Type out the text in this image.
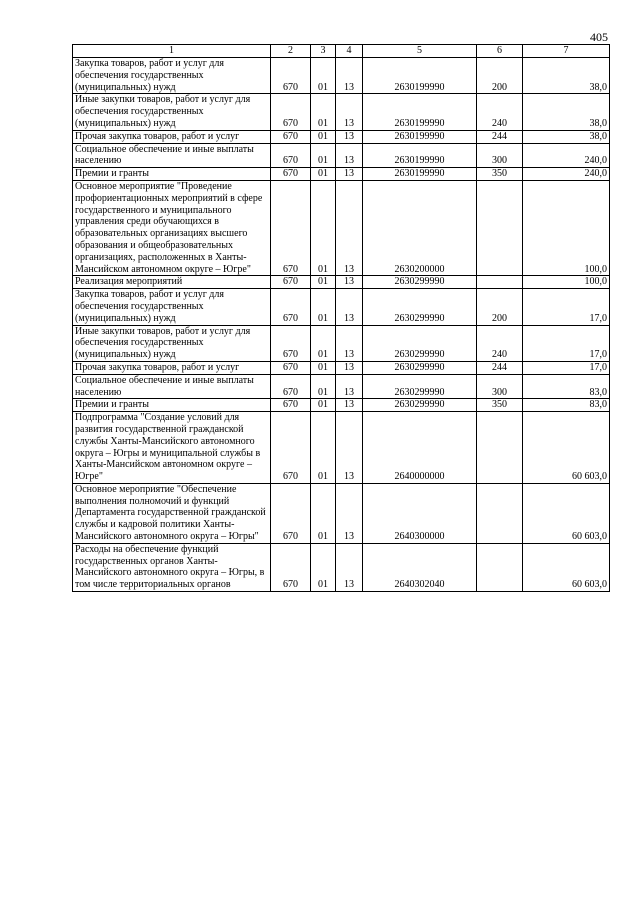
405
1	2	3	4	5	6	7
Закупка товаров, работ и услуг для обеспечения государственных (муниципальных) нужд	670	01	13	2630199990	200	38,0
Иные закупки товаров, работ и услуг для обеспечения государственных (муниципальных) нужд	670	01	13	2630199990	240	38,0
Прочая закупка товаров, работ и услуг	670	01	13	2630199990	244	38,0
Социальное обеспечение и иные выплаты населению	670	01	13	2630199990	300	240,0
Премии и гранты	670	01	13	2630199990	350	240,0
Основное мероприятие "Проведение профориентационных мероприятий в сфере государственного и муниципального управления среди обучающихся в образовательных организациях высшего образования и общеобразовательных организациях, расположенных в Ханты-Мансийском автономном округе – Югре"	670	01	13	2630200000		100,0
Реализация мероприятий	670	01	13	2630299990		100,0
Закупка товаров, работ и услуг для обеспечения государственных (муниципальных) нужд	670	01	13	2630299990	200	17,0
Иные закупки товаров, работ и услуг для обеспечения государственных (муниципальных) нужд	670	01	13	2630299990	240	17,0
Прочая закупка товаров, работ и услуг	670	01	13	2630299990	244	17,0
Социальное обеспечение и иные выплаты населению	670	01	13	2630299990	300	83,0
Премии и гранты	670	01	13	2630299990	350	83,0
Подпрограмма "Создание условий для развития государственной гражданской службы Ханты-Мансийского автономного округа – Югры и муниципальной службы в Ханты-Мансийском автономном округе – Югре"	670	01	13	2640000000		60 603,0
Основное мероприятие "Обеспечение выполнения полномочий и функций Департамента государственной гражданской службы и кадровой политики Ханты-Мансийского автономного округа – Югры"	670	01	13	2640300000		60 603,0
Расходы на обеспечение функций государственных органов Ханты-Мансийского автономного округа – Югры, в том числе территориальных органов	670	01	13	2640302040		60 603,0
